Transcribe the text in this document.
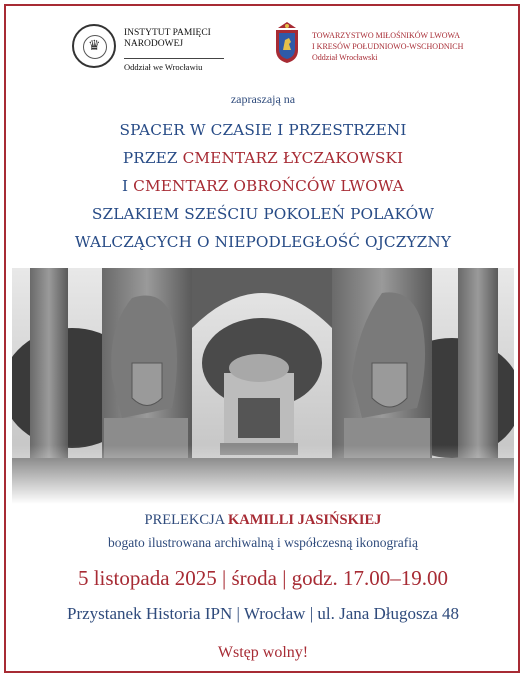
♛
INSTYTUT PAMIĘCI
NARODOWEJ
Oddział we Wrocławiu
TOWARZYSTWO MIŁOŚNIKÓW LWOWA
I KRESÓW POŁUDNIOWO-WSCHODNICH
Oddział Wrocławski
zapraszają na
SPACER W CZASIE I PRZESTRZENI
PRZEZ CMENTARZ ŁYCZAKOWSKI
I CMENTARZ OBROŃCÓW LWOWA
SZLAKIEM SZEŚCIU POKOLEŃ POLAKÓW
WALCZĄCYCH O NIEPODLEGŁOŚĆ OJCZYZNY
PRELEKCJA KAMILLI JASIŃSKIEJ
bogato ilustrowana archiwalną i współczesną ikonografią
5 listopada 2025 | środa | godz. 17.00–19.00
Przystanek Historia IPN | Wrocław | ul. Jana Długosza 48
Wstęp wolny!
